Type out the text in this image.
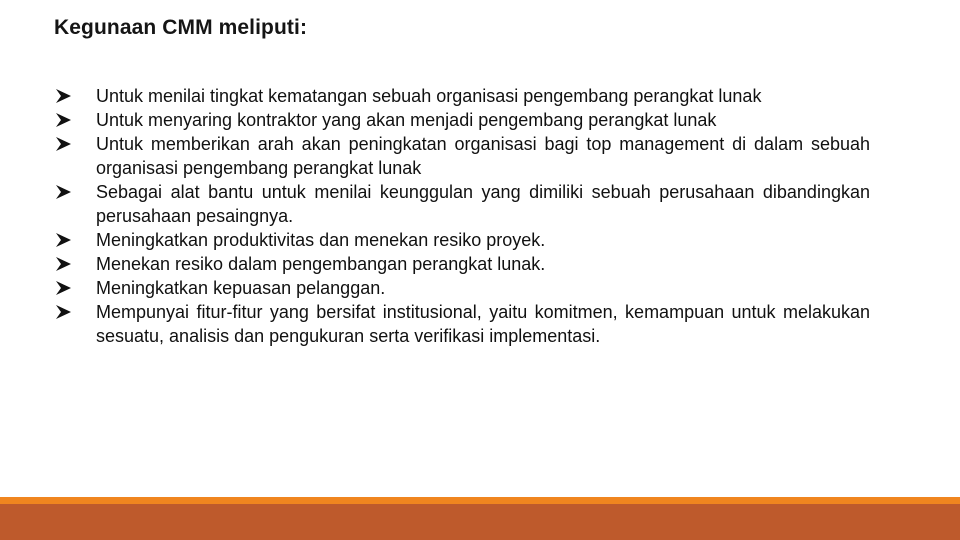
Kegunaan CMM meliputi:
Untuk menilai tingkat kematangan sebuah organisasi pengembang perangkat lunak
Untuk menyaring kontraktor yang akan menjadi pengembang perangkat lunak
Untuk memberikan arah akan peningkatan organisasi bagi top management di dalam sebuah organisasi pengembang perangkat lunak
Sebagai alat bantu untuk menilai keunggulan yang dimiliki sebuah perusahaan dibandingkan perusahaan pesaingnya.
Meningkatkan produktivitas dan menekan resiko proyek.
Menekan resiko dalam pengembangan perangkat lunak.
Meningkatkan kepuasan pelanggan.
Mempunyai fitur-fitur yang bersifat institusional, yaitu komitmen, kemampuan untuk melakukan sesuatu, analisis dan pengukuran serta verifikasi implementasi.
